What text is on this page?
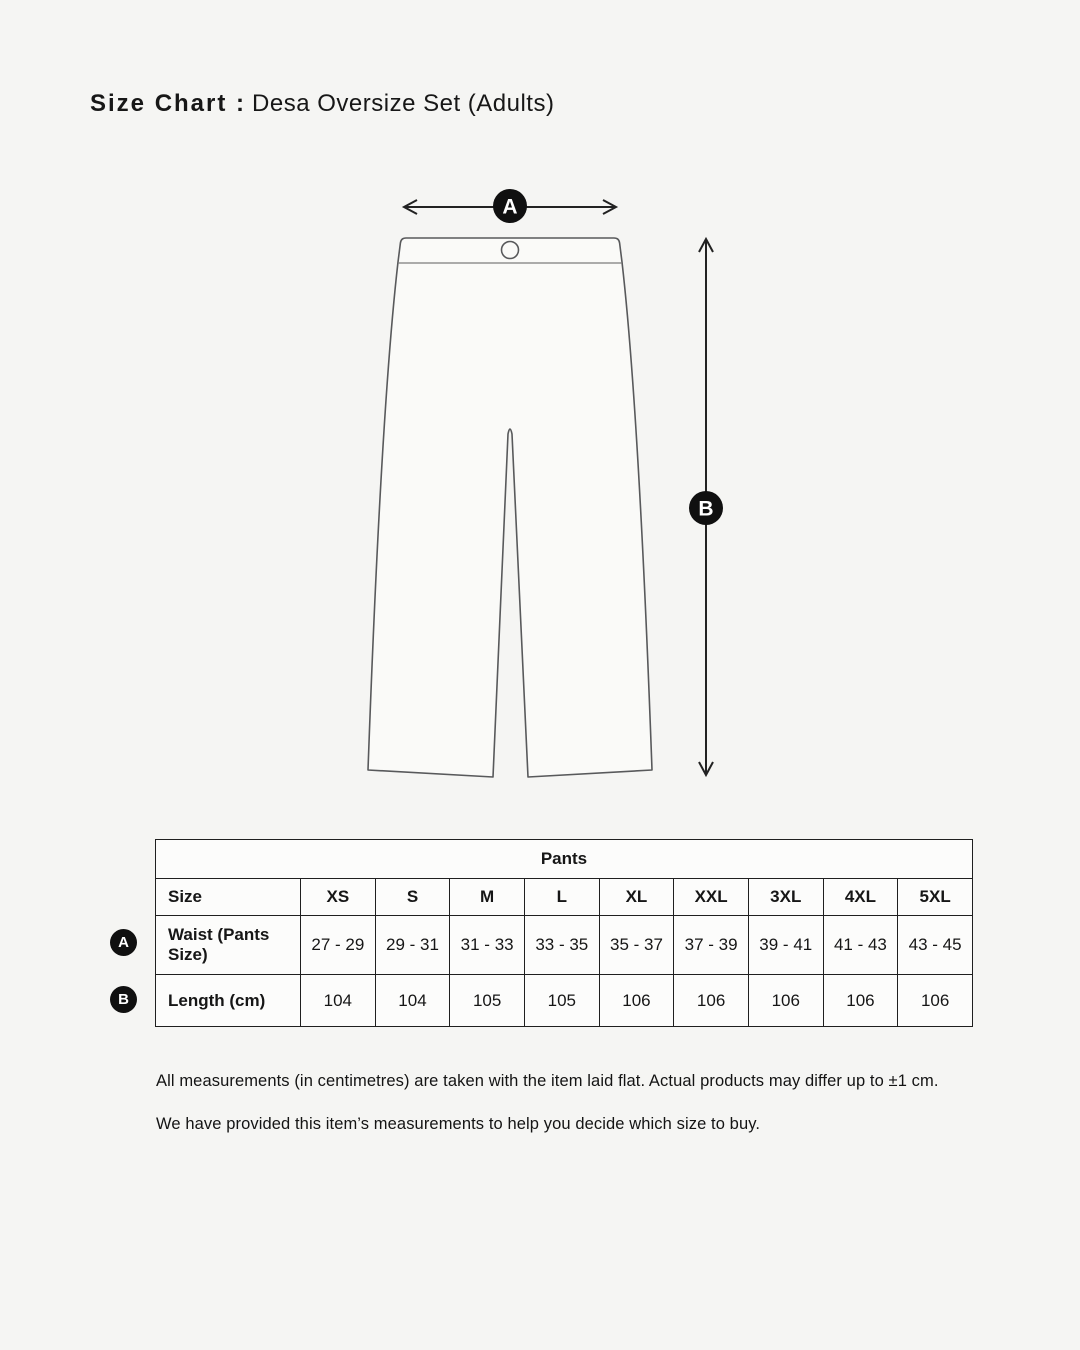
Size Chart : Desa Oversize Set (Adults)
A
B
Pants									
Size	XS	S	M	L	XL	XXL	3XL	4XL	5XL
Waist (Pants Size)	27 - 29	29 - 31	31 - 33	33 - 35	35 - 37	37 - 39	39 - 41	41 - 43	43 - 45
Length (cm)	104	104	105	105	106	106	106	106	106
A
B
All measurements (in centimetres) are taken with the item laid flat. Actual products may differ up to ±1 cm.
We have provided this item’s measurements to help you decide which size to buy.
